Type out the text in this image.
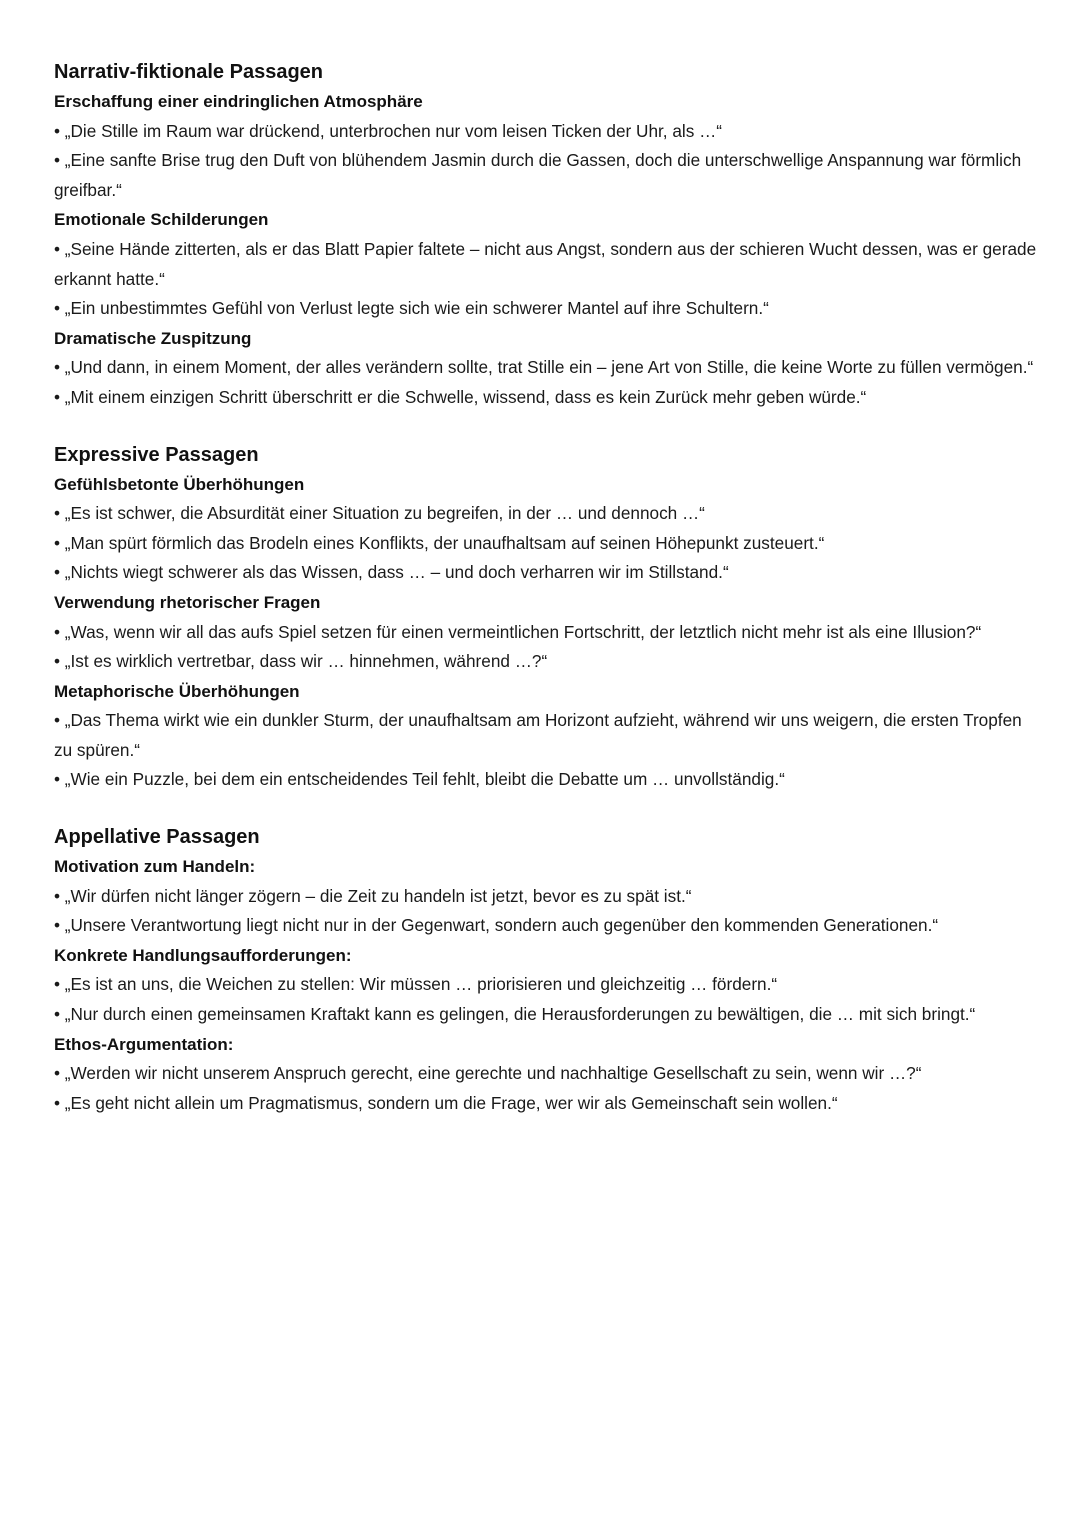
Narrativ-fiktionale Passagen

Erschaffung einer eindringlichen Atmosphäre

• „Die Stille im Raum war drückend, unterbrochen nur vom leisen Ticken der Uhr, als …“

• „Eine sanfte Brise trug den Duft von blühendem Jasmin durch die Gassen, doch die unterschwellige Anspannung war förmlich greifbar.“

Emotionale Schilderungen

• „Seine Hände zitterten, als er das Blatt Papier faltete – nicht aus Angst, sondern aus der schieren Wucht dessen, was er gerade erkannt hatte.“

• „Ein unbestimmtes Gefühl von Verlust legte sich wie ein schwerer Mantel auf ihre Schultern.“

Dramatische Zuspitzung

• „Und dann, in einem Moment, der alles verändern sollte, trat Stille ein – jene Art von Stille, die keine Worte zu füllen vermögen.“

• „Mit einem einzigen Schritt überschritt er die Schwelle, wissend, dass es kein Zurück mehr geben würde.“

Expressive Passagen

Gefühlsbetonte Überhöhungen

• „Es ist schwer, die Absurdität einer Situation zu begreifen, in der … und dennoch …“

• „Man spürt förmlich das Brodeln eines Konflikts, der unaufhaltsam auf seinen Höhepunkt zusteuert.“

• „Nichts wiegt schwerer als das Wissen, dass … – und doch verharren wir im Stillstand.“

Verwendung rhetorischer Fragen

• „Was, wenn wir all das aufs Spiel setzen für einen vermeintlichen Fortschritt, der letztlich nicht mehr ist als eine Illusion?“

• „Ist es wirklich vertretbar, dass wir … hinnehmen, während …?“

Metaphorische Überhöhungen

• „Das Thema wirkt wie ein dunkler Sturm, der unaufhaltsam am Horizont aufzieht, während wir uns weigern, die ersten Tropfen zu spüren.“

• „Wie ein Puzzle, bei dem ein entscheidendes Teil fehlt, bleibt die Debatte um … unvollständig.“

Appellative Passagen

Motivation zum Handeln:

• „Wir dürfen nicht länger zögern – die Zeit zu handeln ist jetzt, bevor es zu spät ist.“

• „Unsere Verantwortung liegt nicht nur in der Gegenwart, sondern auch gegenüber den kommenden Generationen.“

Konkrete Handlungsaufforderungen:

• „Es ist an uns, die Weichen zu stellen: Wir müssen … priorisieren und gleichzeitig … fördern.“

• „Nur durch einen gemeinsamen Kraftakt kann es gelingen, die Herausforderungen zu bewältigen, die … mit sich bringt.“

Ethos-Argumentation:

• „Werden wir nicht unserem Anspruch gerecht, eine gerechte und nachhaltige Gesellschaft zu sein, wenn wir …?“

• „Es geht nicht allein um Pragmatismus, sondern um die Frage, wer wir als Gemeinschaft sein wollen.“
